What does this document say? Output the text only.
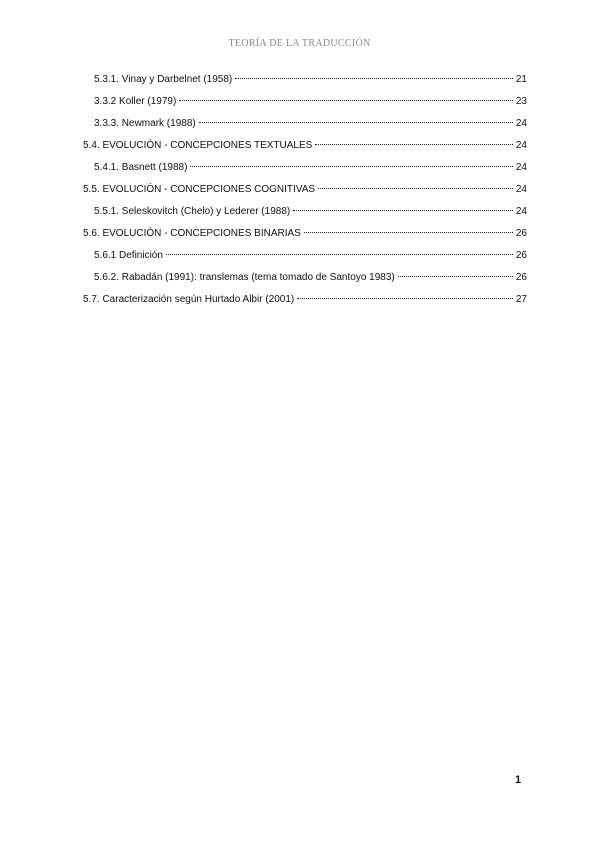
TEORÍA DE LA TRADUCCIÓN
5.3.1. Vinay y Darbelnet (1958)	21
3.3.2 Koller (1979)	23
3.3.3. Newmark (1988)	24
5.4. EVOLUCIÓN - CONCEPCIONES TEXTUALES	24
5.4.1. Basnett (1988)	24
5.5. EVOLUCIÓN - CONCEPCIONES COGNITIVAS	24
5.5.1. Seleskovitch (Chelo) y Lederer (1988)	24
5.6. EVOLUCIÓN - CONCEPCIONES BINARIAS	26
5.6.1 Definición	26
5.6.2. Rabadán (1991): translemas (tema tomado de Santoyo 1983)	26
5.7. Caracterización según Hurtado Albir (2001)	27
1
